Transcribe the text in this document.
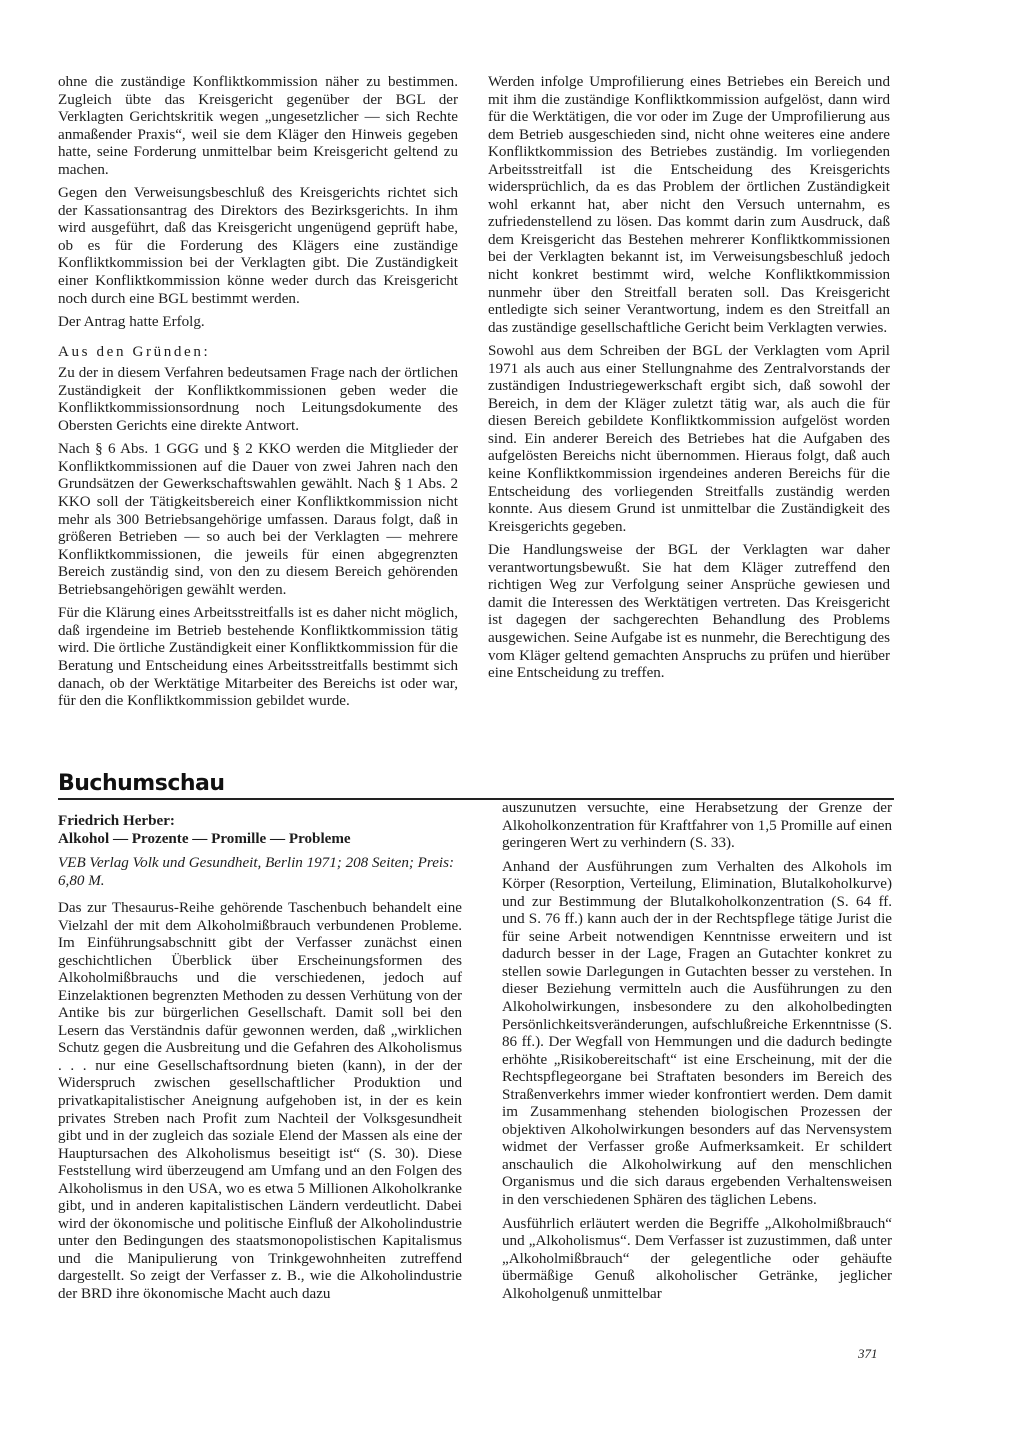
ohne die zuständige Konfliktkommission näher zu bestimmen. Zugleich übte das Kreisgericht gegenüber der BGL der Verklagten Gerichtskritik wegen „ungesetzlicher — sich Rechte anmaßender Praxis“, weil sie dem Kläger den Hinweis gegeben hatte, seine Forderung unmittelbar beim Kreisgericht geltend zu machen.

Gegen den Verweisungsbeschluß des Kreisgerichts richtet sich der Kassationsantrag des Direktors des Bezirksgerichts. In ihm wird ausgeführt, daß das Kreisgericht ungenügend geprüft habe, ob es für die Forderung des Klägers eine zuständige Konfliktkommission bei der Verklagten gibt. Die Zuständigkeit einer Konfliktkommission könne weder durch das Kreisgericht noch durch eine BGL bestimmt werden.

Der Antrag hatte Erfolg.

Aus den Gründen:

Zu der in diesem Verfahren bedeutsamen Frage nach der örtlichen Zuständigkeit der Konfliktkommissionen geben weder die Konfliktkommissionsordnung noch Leitungsdokumente des Obersten Gerichts eine direkte Antwort.

Nach § 6 Abs. 1 GGG und § 2 KKO werden die Mitglieder der Konfliktkommissionen auf die Dauer von zwei Jahren nach den Grundsätzen der Gewerkschaftswahlen gewählt. Nach § 1 Abs. 2 KKO soll der Tätigkeitsbereich einer Konfliktkommission nicht mehr als 300 Betriebsangehörige umfassen. Daraus folgt, daß in größeren Betrieben — so auch bei der Verklagten — mehrere Konfliktkommissionen, die jeweils für einen abgegrenzten Bereich zuständig sind, von den zu diesem Bereich gehörenden Betriebsangehörigen gewählt werden.

Für die Klärung eines Arbeitsstreitfalls ist es daher nicht möglich, daß irgendeine im Betrieb bestehende Konfliktkommission tätig wird. Die örtliche Zuständigkeit einer Konfliktkommission für die Beratung und Entscheidung eines Arbeitsstreitfalls bestimmt sich danach, ob der Werktätige Mitarbeiter des Bereichs ist oder war, für den die Konfliktkommission gebildet wurde.

Werden infolge Umprofilierung eines Betriebes ein Bereich und mit ihm die zuständige Konfliktkommission aufgelöst, dann wird für die Werktätigen, die vor oder im Zuge der Umprofilierung aus dem Betrieb ausgeschieden sind, nicht ohne weiteres eine andere Konfliktkommission des Betriebes zuständig. Im vorliegenden Arbeitsstreitfall ist die Entscheidung des Kreisgerichts widersprüchlich, da es das Problem der örtlichen Zuständigkeit wohl erkannt hat, aber nicht den Versuch unternahm, es zufriedenstellend zu lösen. Das kommt darin zum Ausdruck, daß dem Kreisgericht das Bestehen mehrerer Konfliktkommissionen bei der Verklagten bekannt ist, im Verweisungsbeschluß jedoch nicht konkret bestimmt wird, welche Konfliktkommission nunmehr über den Streitfall beraten soll. Das Kreisgericht entledigte sich seiner Verantwortung, indem es den Streitfall an das zuständige gesellschaftliche Gericht beim Verklagten verwies.

Sowohl aus dem Schreiben der BGL der Verklagten vom April 1971 als auch aus einer Stellungnahme des Zentralvorstands der zuständigen Industriegewerkschaft ergibt sich, daß sowohl der Bereich, in dem der Kläger zuletzt tätig war, als auch die für diesen Bereich gebildete Konfliktkommission aufgelöst worden sind. Ein anderer Bereich des Betriebes hat die Aufgaben des aufgelösten Bereichs nicht übernommen. Hieraus folgt, daß auch keine Konfliktkommission irgendeines anderen Bereichs für die Entscheidung des vorliegenden Streitfalls zuständig werden konnte. Aus diesem Grund ist unmittelbar die Zuständigkeit des Kreisgerichts gegeben.

Die Handlungsweise der BGL der Verklagten war daher verantwortungsbewußt. Sie hat dem Kläger zutreffend den richtigen Weg zur Verfolgung seiner Ansprüche gewiesen und damit die Interessen des Werktätigen vertreten. Das Kreisgericht ist dagegen der sachgerechten Behandlung des Problems ausgewichen. Seine Aufgabe ist es nunmehr, die Berechtigung des vom Kläger geltend gemachten Anspruchs zu prüfen und hierüber eine Entscheidung zu treffen.

Buchumschau
Friedrich Herber:
Alkohol — Prozente — Promille — Probleme
VEB Verlag Volk und Gesundheit, Berlin 1971; 208 Seiten; Preis: 6,80 M.

Das zur Thesaurus-Reihe gehörende Taschenbuch behandelt eine Vielzahl der mit dem Alkoholmißbrauch verbundenen Probleme. Im Einführungsabschnitt gibt der Verfasser zunächst einen geschichtlichen Überblick über Erscheinungsformen des Alkoholmißbrauchs und die verschiedenen, jedoch auf Einzelaktionen begrenzten Methoden zu dessen Verhütung von der Antike bis zur bürgerlichen Gesellschaft. Damit soll bei den Lesern das Verständnis dafür gewonnen werden, daß „wirklichen Schutz gegen die Ausbreitung und die Gefahren des Alkoholismus . . . nur eine Gesellschaftsordnung bieten (kann), in der der Widerspruch zwischen gesellschaftlicher Produktion und privatkapitalistischer Aneignung aufgehoben ist, in der es kein privates Streben nach Profit zum Nachteil der Volksgesundheit gibt und in der zugleich das soziale Elend der Massen als eine der Hauptursachen des Alkoholismus beseitigt ist“ (S. 30). Diese Feststellung wird überzeugend am Umfang und an den Folgen des Alkoholismus in den USA, wo es etwa 5 Millionen Alkoholkranke gibt, und in anderen kapitalistischen Ländern verdeutlicht. Dabei wird der ökonomische und politische Einfluß der Alkoholindustrie unter den Bedingungen des staatsmonopolistischen Kapitalismus und die Manipulierung von Trinkgewohnheiten zutreffend dargestellt. So zeigt der Verfasser z. B., wie die Alkoholindustrie der BRD ihre ökonomische Macht auch dazu

auszunutzen versuchte, eine Herabsetzung der Grenze der Alkoholkonzentration für Kraftfahrer von 1,5 Promille auf einen geringeren Wert zu verhindern (S. 33).

Anhand der Ausführungen zum Verhalten des Alkohols im Körper (Resorption, Verteilung, Elimination, Blutalkoholkurve) und zur Bestimmung der Blutalkoholkonzentration (S. 64 ff. und S. 76 ff.) kann auch der in der Rechtspflege tätige Jurist die für seine Arbeit notwendigen Kenntnisse erweitern und ist dadurch besser in der Lage, Fragen an Gutachter konkret zu stellen sowie Darlegungen in Gutachten besser zu verstehen. In dieser Beziehung vermitteln auch die Ausführungen zu den Alkoholwirkungen, insbesondere zu den alkoholbedingten Persönlichkeitsveränderungen, aufschlußreiche Erkenntnisse (S. 86 ff.). Der Wegfall von Hemmungen und die dadurch bedingte erhöhte „Risikobereitschaft“ ist eine Erscheinung, mit der die Rechtspflegeorgane bei Straftaten besonders im Bereich des Straßenverkehrs immer wieder konfrontiert werden. Dem damit im Zusammenhang stehenden biologischen Prozessen der objektiven Alkoholwirkungen besonders auf das Nervensystem widmet der Verfasser große Aufmerksamkeit. Er schildert anschaulich die Alkoholwirkung auf den menschlichen Organismus und die sich daraus ergebenden Verhaltensweisen in den verschiedenen Sphären des täglichen Lebens.

Ausführlich erläutert werden die Begriffe „Alkoholmißbrauch“ und „Alkoholismus“. Dem Verfasser ist zuzustimmen, daß unter „Alkoholmißbrauch“ der gelegentliche oder gehäufte übermäßige Genuß alkoholischer Getränke, jeglicher Alkoholgenuß unmittelbar

371
